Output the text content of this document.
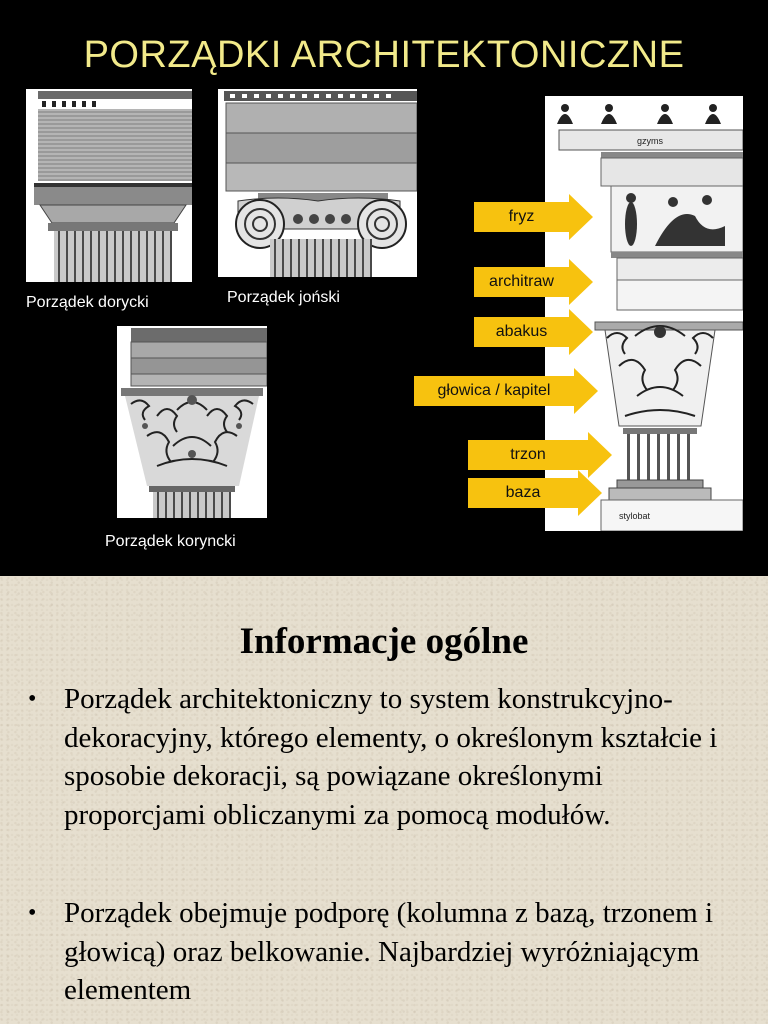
PORZĄDKI ARCHITEKTONICZNE
Porządek dorycki	Porządek joński
Porządek koryncki
gzyms
stylobat
fryz
architraw
abakus
głowica / kapitel
trzon
baza
Informacje ogólne
• Porządek architektoniczny to system konstrukcyjno-dekoracyjny, którego elementy, o określonym kształcie i sposobie dekoracji, są powiązane określonymi proporcjami obliczanymi za pomocą modułów.
• Porządek obejmuje podporę (kolumna z bazą, trzonem i głowicą) oraz belkowanie. Najbardziej wyróżniającym elementem
